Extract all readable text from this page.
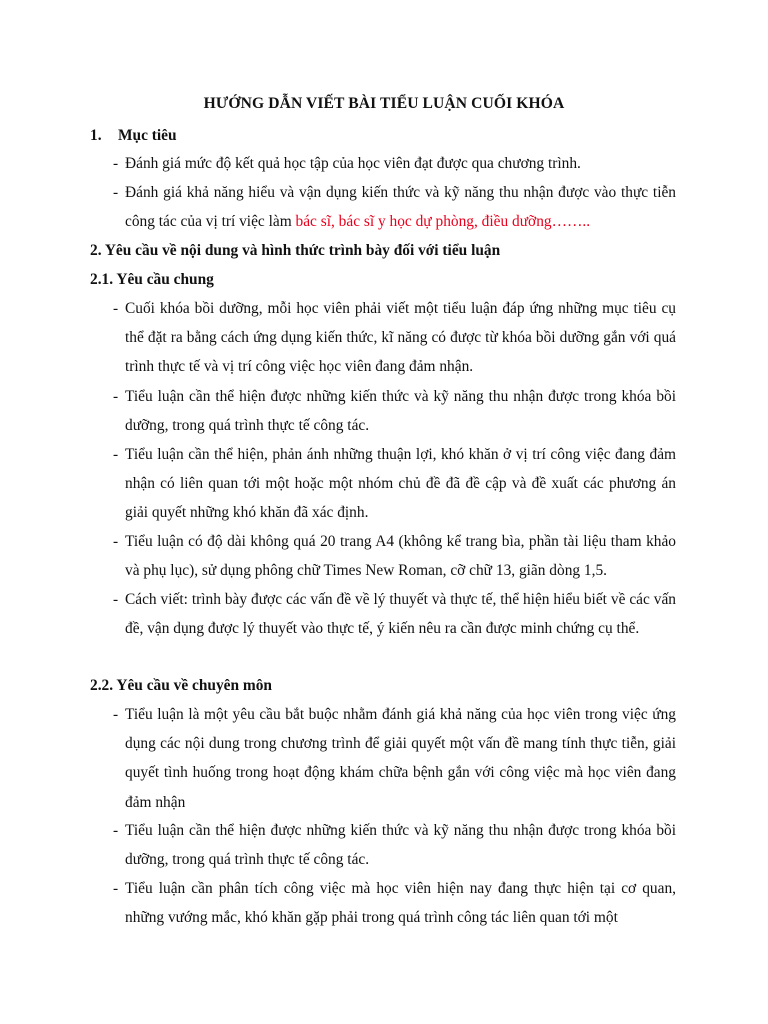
HƯỚNG DẪN VIẾT BÀI TIỂU LUẬN CUỐI KHÓA
1. Mục tiêu
- Đánh giá mức độ kết quả học tập của học viên đạt được qua chương trình.
- Đánh giá khả năng hiểu và vận dụng kiến thức và kỹ năng thu nhận được vào thực tiễn công tác của vị trí việc làm bác sĩ, bác sĩ y học dự phòng, điều dưỡng……..
2. Yêu cầu về nội dung và hình thức trình bày đối với tiểu luận
2.1. Yêu cầu chung
- Cuối khóa bồi dưỡng, mỗi học viên phải viết một tiểu luận đáp ứng những mục tiêu cụ thể đặt ra bằng cách ứng dụng kiến thức, kĩ năng có được từ khóa bồi dưỡng gắn với quá trình thực tế và vị trí công việc học viên đang đảm nhận.
- Tiểu luận cần thể hiện được những kiến thức và kỹ năng thu nhận được trong khóa bồi dưỡng, trong quá trình thực tế công tác.
- Tiểu luận cần thể hiện, phản ánh những thuận lợi, khó khăn ở vị trí công việc đang đảm nhận có liên quan tới một hoặc một nhóm chủ đề đã đề cập và đề xuất các phương án giải quyết những khó khăn đã xác định.
- Tiểu luận có độ dài không quá 20 trang A4 (không kể trang bìa, phần tài liệu tham khảo và phụ lục), sử dụng phông chữ Times New Roman, cỡ chữ 13, giãn dòng 1,5.
- Cách viết: trình bày được các vấn đề về lý thuyết và thực tế, thể hiện hiểu biết về các vấn đề, vận dụng được lý thuyết vào thực tế, ý kiến nêu ra cần được minh chứng cụ thể.
2.2. Yêu cầu về chuyên môn
- Tiểu luận là một yêu cầu bắt buộc nhằm đánh giá khả năng của học viên trong việc ứng dụng các nội dung trong chương trình để giải quyết một vấn đề mang tính thực tiễn, giải quyết tình huống trong hoạt động khám chữa bệnh gắn với công việc mà học viên đang đảm nhận
- Tiểu luận cần thể hiện được những kiến thức và kỹ năng thu nhận được trong khóa bồi dưỡng, trong quá trình thực tế công tác.
- Tiểu luận cần phân tích công việc mà học viên hiện nay đang thực hiện tại cơ quan, những vướng mắc, khó khăn gặp phải trong quá trình công tác liên quan tới một
